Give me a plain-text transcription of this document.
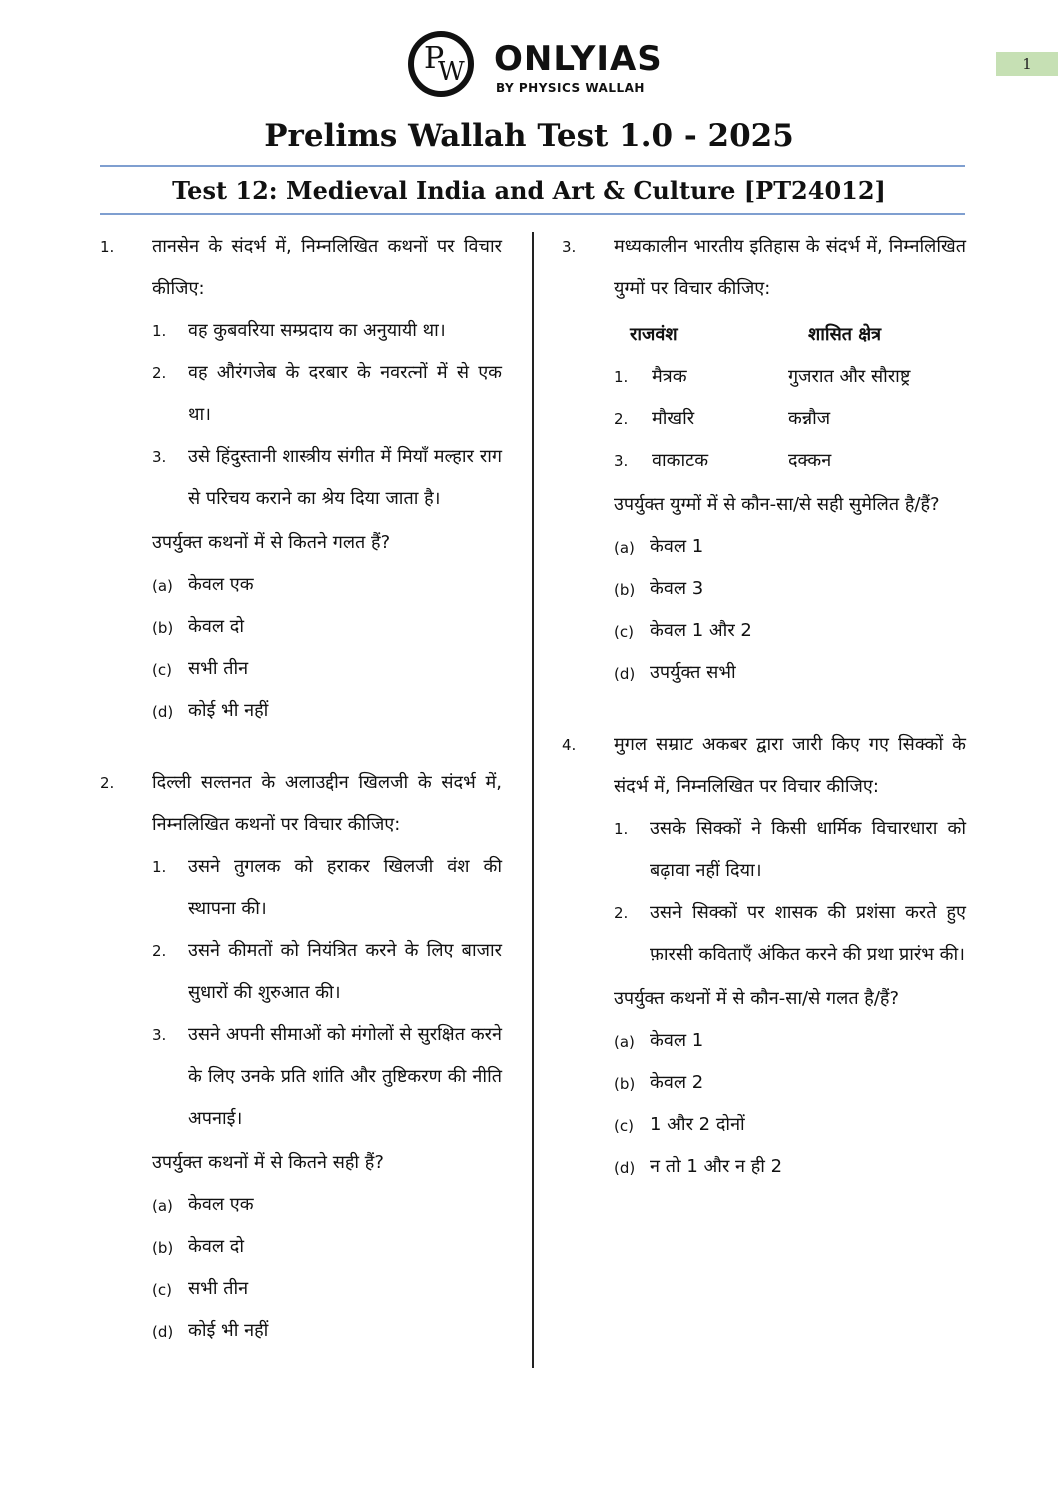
1
P
W ONLYIAS
BY PHYSICS WALLAH
Prelims Wallah Test 1.0 - 2025
Test 12: Medieval India and Art & Culture [PT24012]
1. तानसेन के संदर्भ में, निम्नलिखित कथनों पर विचार कीजिए:

1. वह कुबवरिया सम्प्रदाय का अनुयायी था।

2. वह औरंगजेब के दरबार के नवरत्नों में से एक था।

3. उसे हिंदुस्तानी शास्त्रीय संगीत में मियाँ मल्हार राग से परिचय कराने का श्रेय दिया जाता है।

उपर्युक्त कथनों में से कितने गलत हैं?

(a) केवल एक
(b) केवल दो
(c) सभी तीन
(d) कोई भी नहीं
2. दिल्ली सल्तनत के अलाउद्दीन खिलजी के संदर्भ में, निम्नलिखित कथनों पर विचार कीजिए:

1. उसने तुगलक को हराकर खिलजी वंश की स्थापना की।

2. उसने कीमतों को नियंत्रित करने के लिए बाजार सुधारों की शुरुआत की।

3. उसने अपनी सीमाओं को मंगोलों से सुरक्षित करने के लिए उनके प्रति शांति और तुष्टिकरण की नीति अपनाई।

उपर्युक्त कथनों में से कितने सही हैं?

(a) केवल एक
(b) केवल दो
(c) सभी तीन
(d) कोई भी नहीं
3. मध्यकालीन भारतीय इतिहास के संदर्भ में, निम्नलिखित युग्मों पर विचार कीजिए:

राजवंश	शासित क्षेत्र
1.	मैत्रक	गुजरात और सौराष्ट्र
2.	मौखरि	कन्नौज
3.	वाकाटक	दक्कन

उपर्युक्त युग्मों में से कौन-सा/से सही सुमेलित है/हैं?

(a) केवल 1
(b) केवल 3
(c) केवल 1 और 2
(d) उपर्युक्त सभी
4. मुगल सम्राट अकबर द्वारा जारी किए गए सिक्कों के संदर्भ में, निम्नलिखित पर विचार कीजिए:

1. उसके सिक्कों ने किसी धार्मिक विचारधारा को बढ़ावा नहीं दिया।

2. उसने सिक्कों पर शासक की प्रशंसा करते हुए फ़ारसी कविताएँ अंकित करने की प्रथा प्रारंभ की।

उपर्युक्त कथनों में से कौन-सा/से गलत है/हैं?

(a) केवल 1
(b) केवल 2
(c) 1 और 2 दोनों
(d) न तो 1 और न ही 2
